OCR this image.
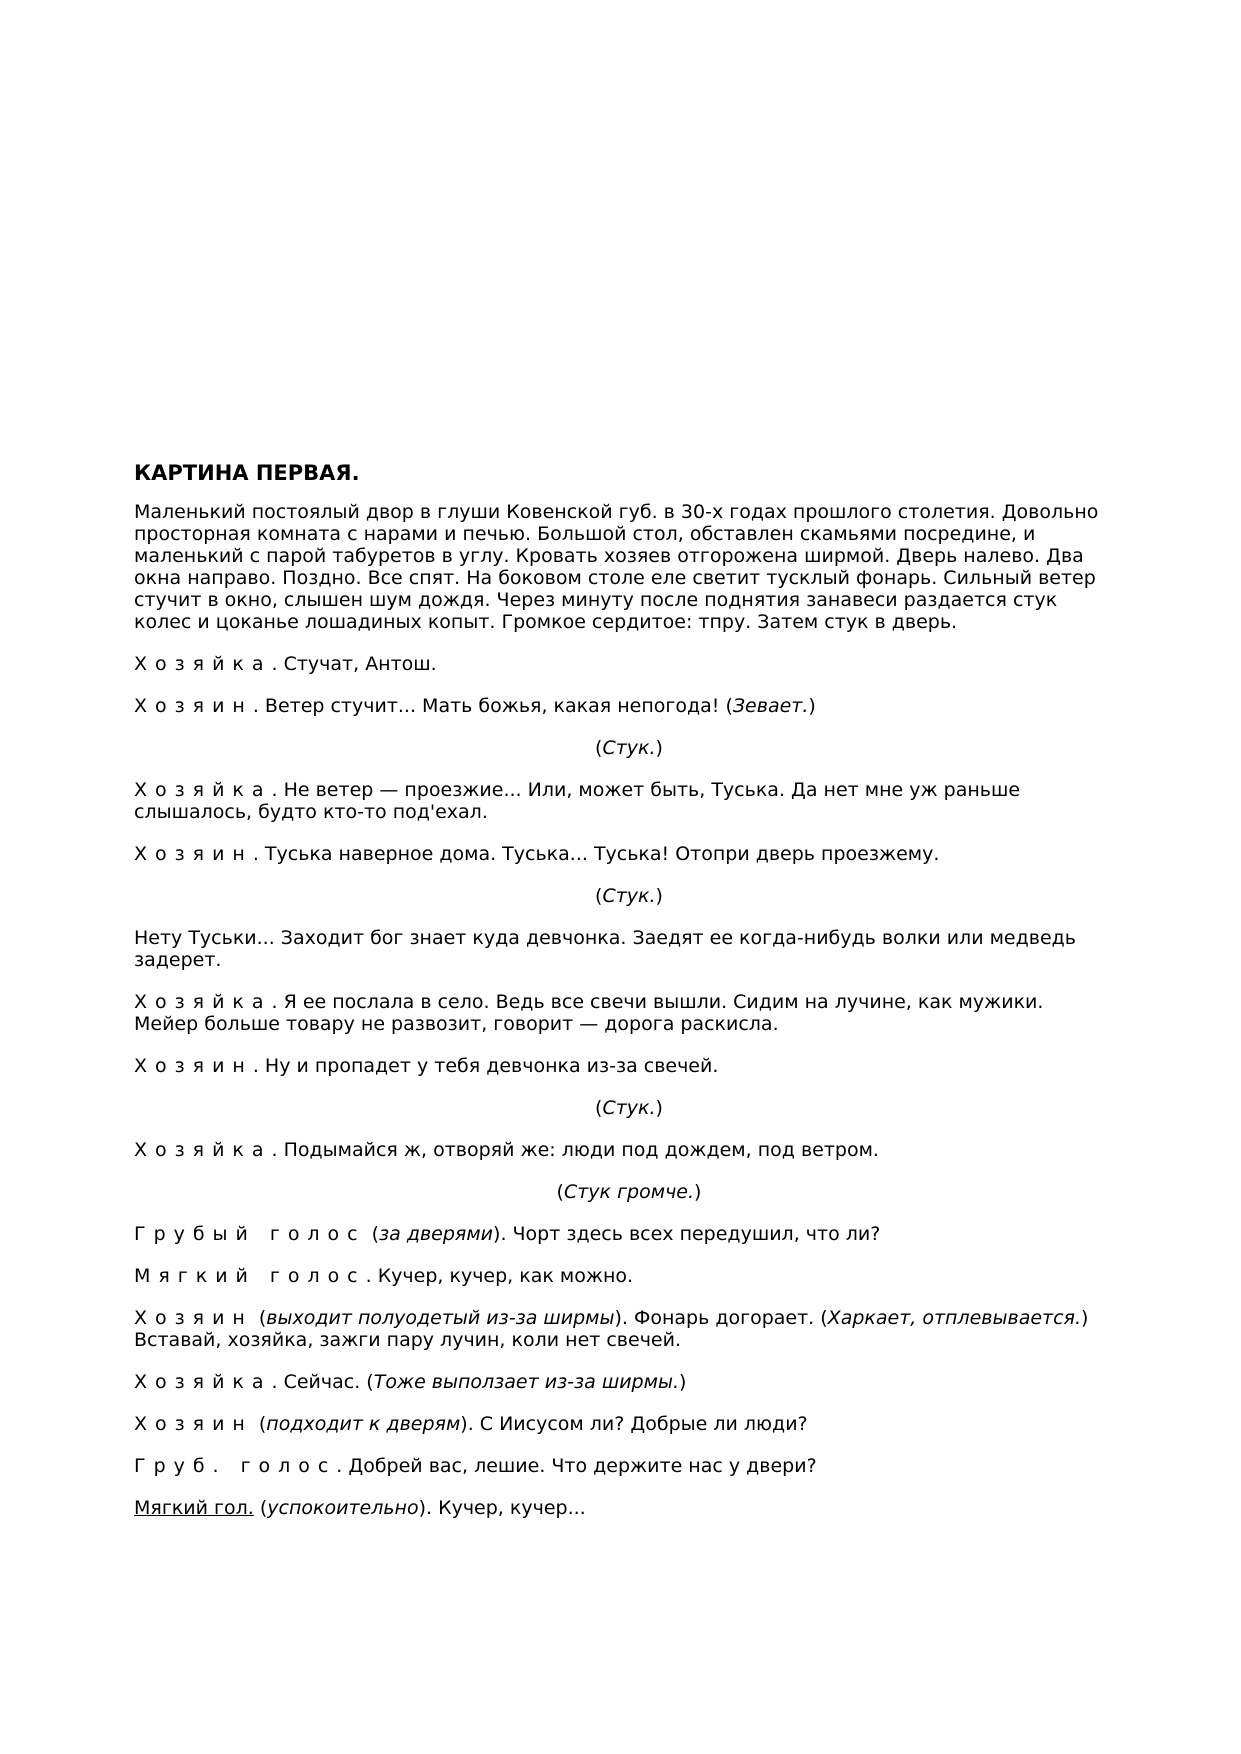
КАРТИНА ПЕРВАЯ.

Маленький постоялый двор в глуши Ковенской губ. в 30-х годах прошлого столетия. Довольно
просторная комната с нарами и печью. Большой стол, обставлен скамьями посредине, и
маленький с парой табуретов в углу. Кровать хозяев отгорожена ширмой. Дверь налево. Два
окна направо. Поздно. Все спят. На боковом столе еле светит тусклый фонарь. Сильный ветер
стучит в окно, слышен шум дождя. Через минуту после поднятия занавеси раздается стук
колес и цоканье лошадиных копыт. Громкое сердитое: тпру. Затем стук в дверь.

Хозяйка. Стучат, Антош.

Хозяин. Ветер стучит... Мать божья, какая непогода! (Зевает.)

(Стук.)

Хозяйка. Не ветер — проезжие... Или, может быть, Туська. Да нет мне уж раньше
слышалось, будто кто-то под'ехал.

Хозяин. Туська наверное дома. Туська... Туська! Отопри дверь проезжему.

(Стук.)

Нету Туськи... Заходит бог знает куда девчонка. Заедят ее когда-нибудь волки или медведь
задерет.

Хозяйка. Я ее послала в село. Ведь все свечи вышли. Сидим на лучине, как мужики.
Мейер больше товару не развозит, говорит — дорога раскисла.

Хозяин. Ну и пропадет у тебя девчонка из-за свечей.

(Стук.)

Хозяйка. Подымайся ж, отворяй же: люди под дождем, под ветром.

(Стук громче.)

Грубый голос (за дверями). Чорт здесь всех передушил, что ли?

Мягкий голос. Кучер, кучер, как можно.

Хозяин (выходит полуодетый из-за ширмы). Фонарь догорает. (Харкает, отплевывается.)
Вставай, хозяйка, зажги пару лучин, коли нет свечей.

Хозяйка. Сейчас. (Тоже выползает из-за ширмы.)

Хозяин (подходит к дверям). С Иисусом ли? Добрые ли люди?

Груб. голос. Добрей вас, лешие. Что держите нас у двери?

Мягкий гол. (успокоительно). Кучер, кучер...
